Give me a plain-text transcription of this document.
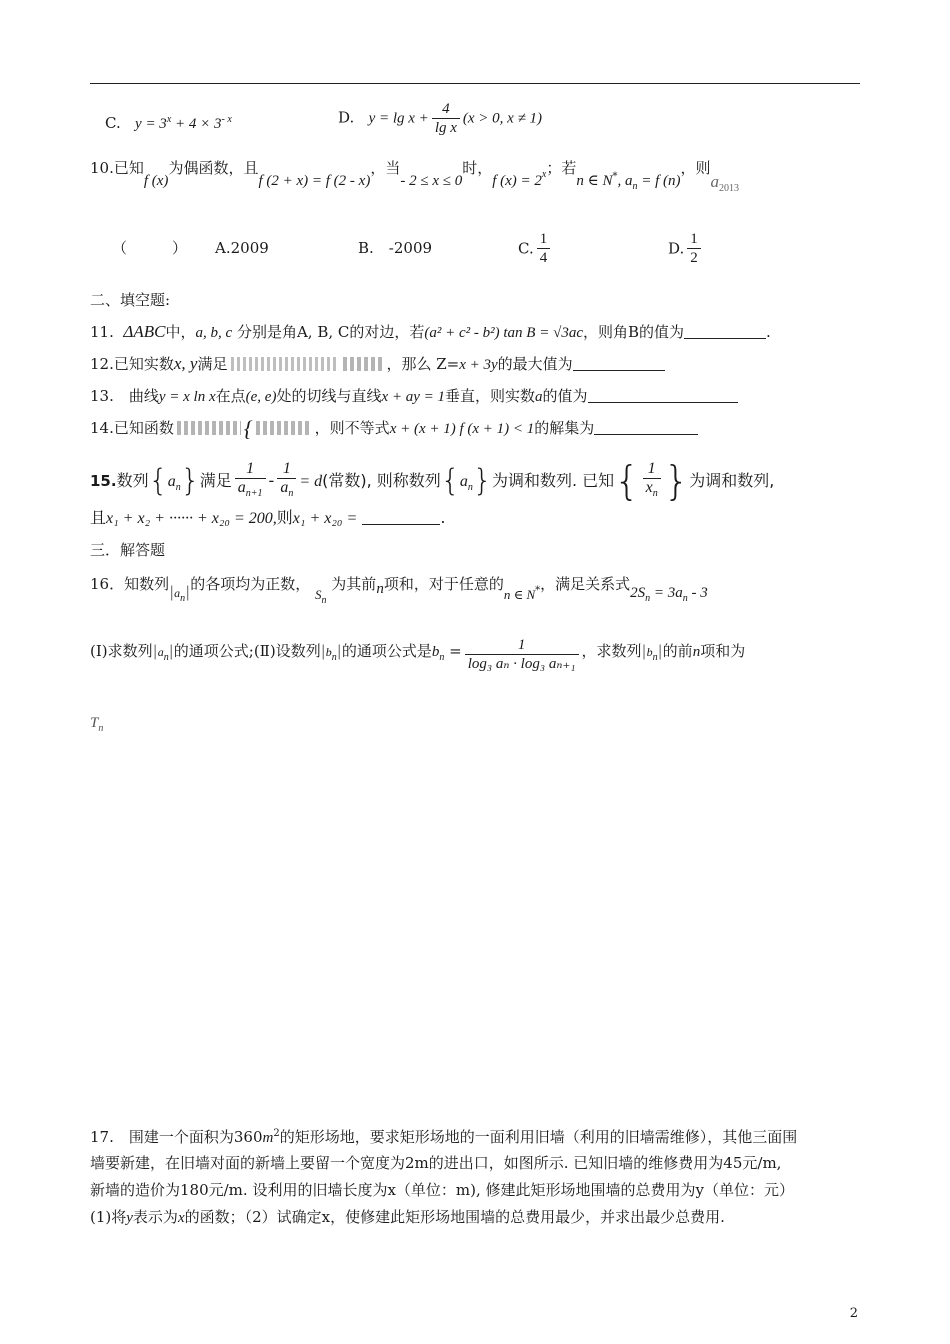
C. $y = 3^x + 4 \times 3^{- x}$	D. $y = \lg x + \frac{4}{\text{lg x}} (x > 0$, x ≠ 1)
10.已知f (x)为偶函数，且f (2 + x) = f (2 - x)，当- 2 ≤ x ≤ 0时，f $(x) = 2_x$；若n ∈ $N_*$, $a_n = f$ (n)，则$a_{2013}$
（　　　） A.2009	B.　-2009	C. $\frac{1}{4}$	D. $\frac{1}{2}$
二、填空题:
11. ΔABC中，a, b, c 分别是角A, B, C的对边，若(a² + c² - b²) tan B = √3ac，则角B的值为	.
12.已知实数x, y满足	，那么 Z=x + 3y的最大值为
13.　曲线y = x ln x在点(e, e)处的切线与直线x + ay = 1垂直，则实数a的值为
14.已知函数	{	，则不等式x + (x + 1) f (x + 1) < 1的解集为
15.数列$\{a_n\}$满足 $\frac{1}{a_{n+1}} - \frac{1}{a_n} = d$(常数), 则称数列$\{a_n\}$为调和数列. 已知{ $\frac{1}{x_n}$ }为调和数列,
且x₁ + x₂ + ······ + x₂₀ = 200,则x₁ + x₂₀ =	.
三．解答题
16．知数列$|_{an}|$的各项均为正数， $S_n$ 为其前n项和，对于任意的n ∈ $N_*$，满足关系式$2S_n = 3a_n - 3$
(I)求数列$|a_n|$的通项公式;(Ⅱ)设数列$|b_n|$的通项公式是$b_n = \frac{1}{\text{log₃ aₙ · log₃ aₙ₊₁}}$ ，求数列$|b_n|$的前n项和为
$T_n$
17.　围建一个面积为$360m^2$的矩形场地，要求矩形场地的一面利用旧墙（利用的旧墙需维修），其他三面围
墙要新建，在旧墙对面的新墙上要留一个宽度为2m的进出口，如图所示. 已知旧墙的维修费用为45元/m,
新墙的造价为180元/m. 设利用的旧墙长度为x（单位：m), 修建此矩形场地围墙的总费用为y（单位：元）
(1)将y表示为x的函数；（2）试确定x，使修建此矩形场地围墙的总费用最少，并求出最少总费用.
2
